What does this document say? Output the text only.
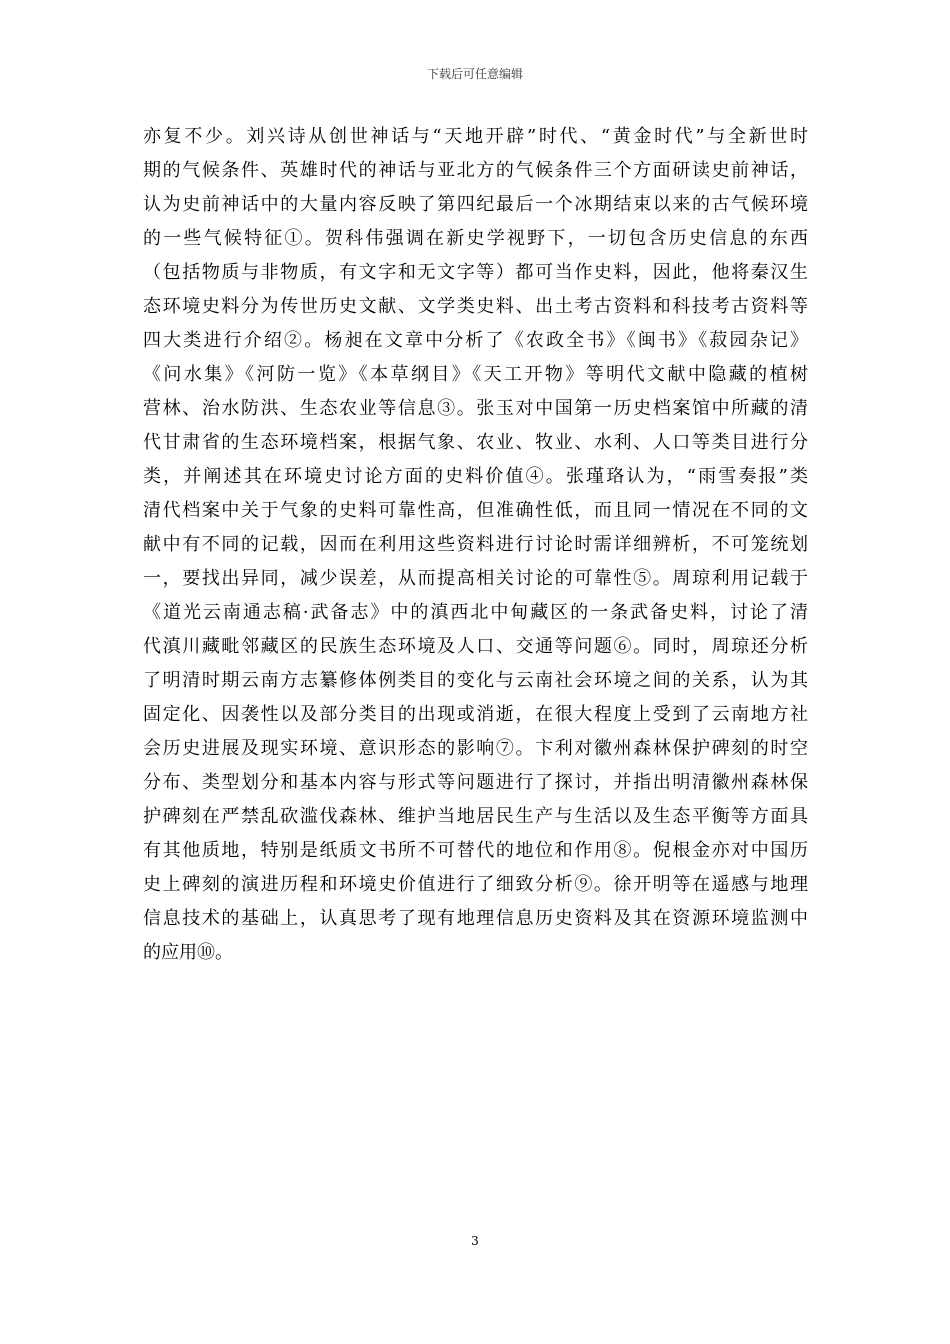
下载后可任意编辑
亦复不少。刘兴诗从创世神话与“天地开辟”时代、“黄金时代”与全新世时
期的气候条件、英雄时代的神话与亚北方的气候条件三个方面研读史前神话，
认为史前神话中的大量内容反映了第四纪最后一个冰期结束以来的古气候环境
的一些气候特征①。贺科伟强调在新史学视野下，一切包含历史信息的东西
（包括物质与非物质，有文字和无文字等）都可当作史料，因此，他将秦汉生
态环境史料分为传世历史文献、文学类史料、出土考古资料和科技考古资料等
四大类进行介绍②。杨昶在文章中分析了《农政全书》《闽书》《菽园杂记》
《问水集》《河防一览》《本草纲目》《天工开物》等明代文献中隐藏的植树
营林、治水防洪、生态农业等信息③。张玉对中国第一历史档案馆中所藏的清
代甘肃省的生态环境档案，根据气象、农业、牧业、水利、人口等类目进行分
类，并阐述其在环境史讨论方面的史料价值④。张瑾珞认为，“雨雪奏报”类
清代档案中关于气象的史料可靠性高，但准确性低，而且同一情况在不同的文
献中有不同的记载，因而在利用这些资料进行讨论时需详细辨析，不可笼统划
一，要找出异同，减少误差，从而提高相关讨论的可靠性⑤。周琼利用记载于
《道光云南通志稿·武备志》中的滇西北中甸藏区的一条武备史料，讨论了清
代滇川藏毗邻藏区的民族生态环境及人口、交通等问题⑥。同时，周琼还分析
了明清时期云南方志纂修体例类目的变化与云南社会环境之间的关系，认为其
固定化、因袭性以及部分类目的出现或消逝，在很大程度上受到了云南地方社
会历史进展及现实环境、意识形态的影响⑦。卞利对徽州森林保护碑刻的时空
分布、类型划分和基本内容与形式等问题进行了探讨，并指出明清徽州森林保
护碑刻在严禁乱砍滥伐森林、维护当地居民生产与生活以及生态平衡等方面具
有其他质地，特别是纸质文书所不可替代的地位和作用⑧。倪根金亦对中国历
史上碑刻的演进历程和环境史价值进行了细致分析⑨。徐开明等在遥感与地理
信息技术的基础上，认真思考了现有地理信息历史资料及其在资源环境监测中
的应用⑩。
3
